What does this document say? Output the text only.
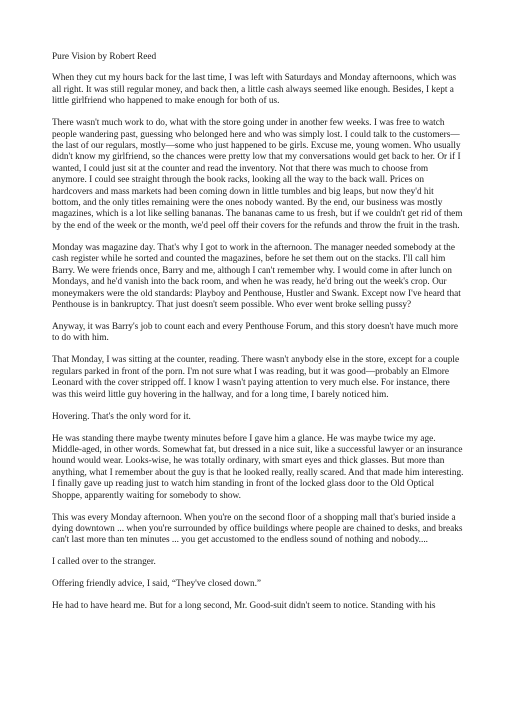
Pure Vision by Robert Reed

When they cut my hours back for the last time, I was left with Saturdays and Monday afternoons, which was all right. It was still regular money, and back then, a little cash always seemed like enough. Besides, I kept a little girlfriend who happened to make enough for both of us.

There wasn't much work to do, what with the store going under in another few weeks. I was free to watch people wandering past, guessing who belonged here and who was simply lost. I could talk to the customers—the last of our regulars, mostly—some who just happened to be girls. Excuse me, young women. Who usually didn't know my girlfriend, so the chances were pretty low that my conversations would get back to her. Or if I wanted, I could just sit at the counter and read the inventory. Not that there was much to choose from anymore. I could see straight through the book racks, looking all the way to the back wall. Prices on hardcovers and mass markets had been coming down in little tumbles and big leaps, but now they'd hit bottom, and the only titles remaining were the ones nobody wanted. By the end, our business was mostly magazines, which is a lot like selling bananas. The bananas came to us fresh, but if we couldn't get rid of them by the end of the week or the month, we'd peel off their covers for the refunds and throw the fruit in the trash.

Monday was magazine day. That's why I got to work in the afternoon. The manager needed somebody at the cash register while he sorted and counted the magazines, before he set them out on the stacks. I'll call him Barry. We were friends once, Barry and me, although I can't remember why. I would come in after lunch on Mondays, and he'd vanish into the back room, and when he was ready, he'd bring out the week's crop. Our moneymakers were the old standards: Playboy and Penthouse, Hustler and Swank. Except now I've heard that Penthouse is in bankruptcy. That just doesn't seem possible. Who ever went broke selling pussy?

Anyway, it was Barry's job to count each and every Penthouse Forum, and this story doesn't have much more to do with him.

That Monday, I was sitting at the counter, reading. There wasn't anybody else in the store, except for a couple regulars parked in front of the porn. I'm not sure what I was reading, but it was good—probably an Elmore Leonard with the cover stripped off. I know I wasn't paying attention to very much else. For instance, there was this weird little guy hovering in the hallway, and for a long time, I barely noticed him.

Hovering. That's the only word for it.

He was standing there maybe twenty minutes before I gave him a glance. He was maybe twice my age. Middle-aged, in other words. Somewhat fat, but dressed in a nice suit, like a successful lawyer or an insurance hound would wear. Looks-wise, he was totally ordinary, with smart eyes and thick glasses. But more than anything, what I remember about the guy is that he looked really, really scared. And that made him interesting. I finally gave up reading just to watch him standing in front of the locked glass door to the Old Optical Shoppe, apparently waiting for somebody to show.

This was every Monday afternoon. When you're on the second floor of a shopping mall that's buried inside a dying downtown ... when you're surrounded by office buildings where people are chained to desks, and breaks can't last more than ten minutes ... you get accustomed to the endless sound of nothing and nobody....

I called over to the stranger.

Offering friendly advice, I said, “They've closed down.”

He had to have heard me. But for a long second, Mr. Good-suit didn't seem to notice. Standing with his
